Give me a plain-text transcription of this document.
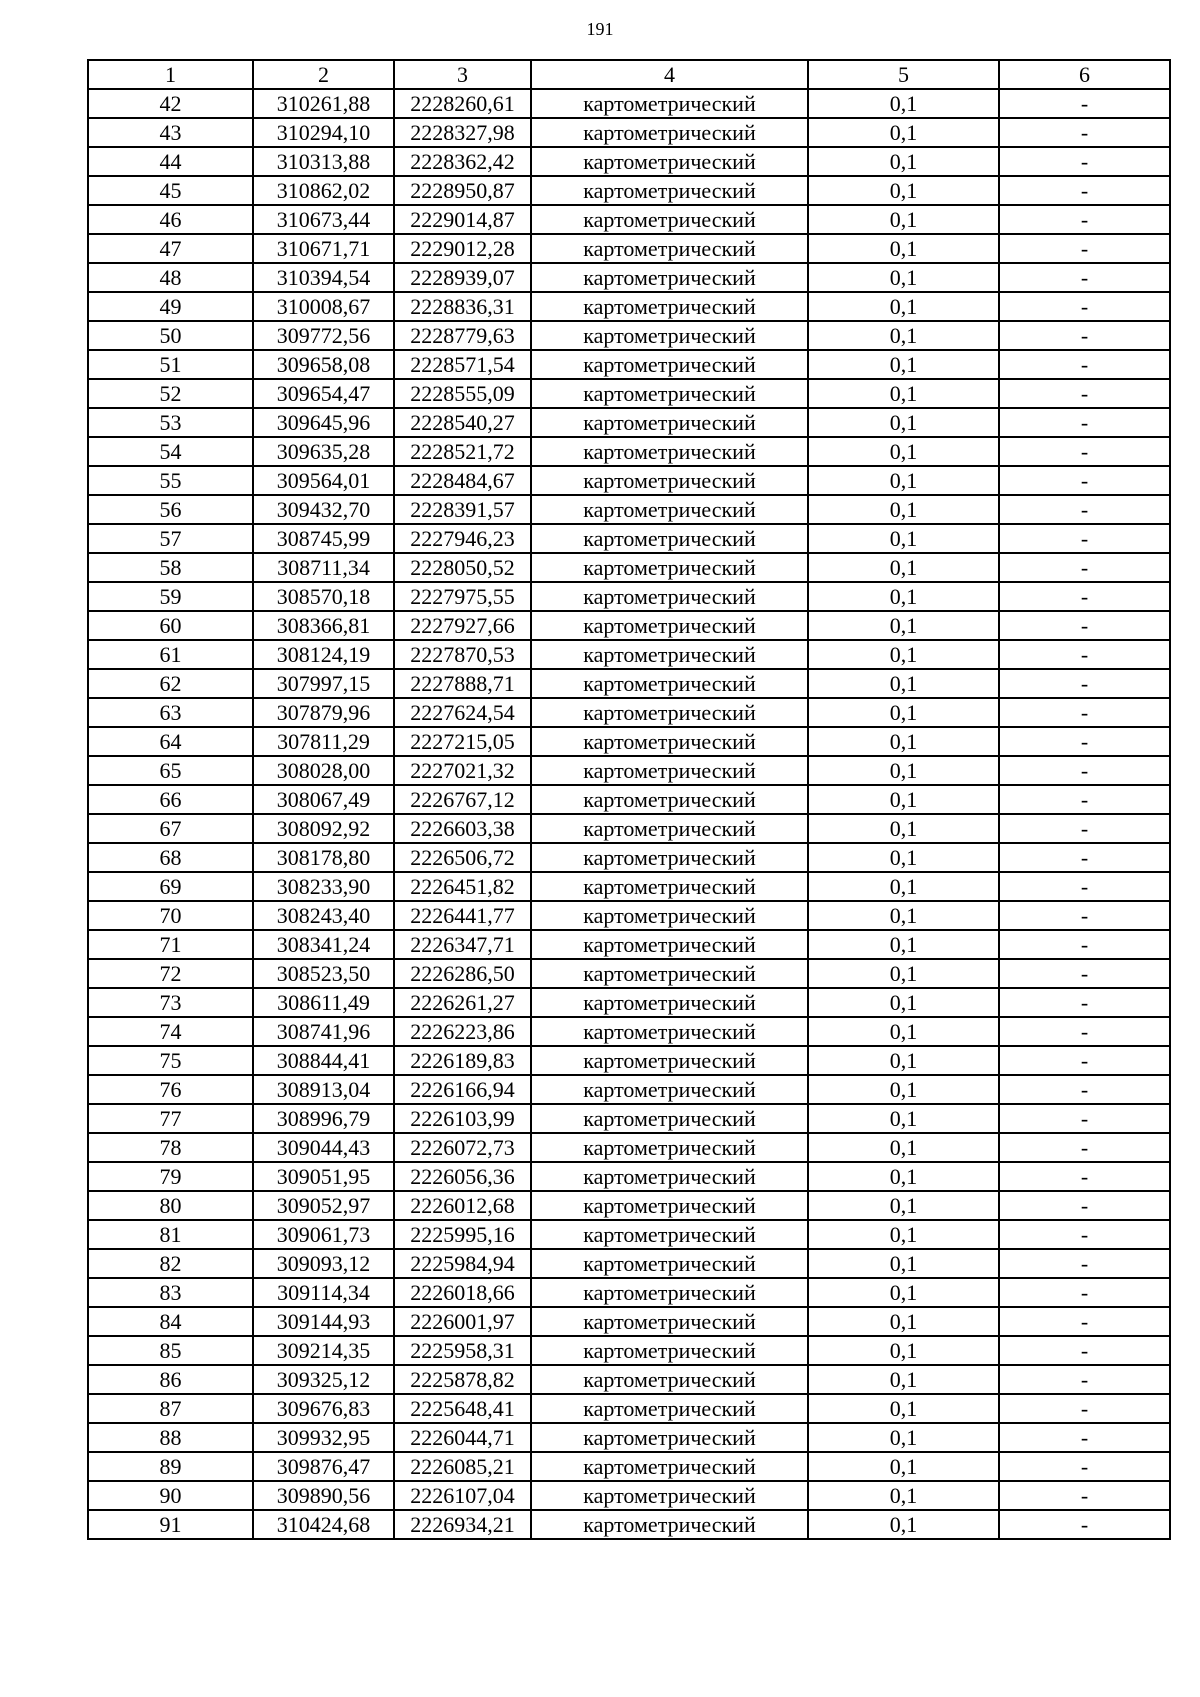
191
1	2	3	4	5	6
42	310261,88	2228260,61	картометрический	0,1	-
43	310294,10	2228327,98	картометрический	0,1	-
44	310313,88	2228362,42	картометрический	0,1	-
45	310862,02	2228950,87	картометрический	0,1	-
46	310673,44	2229014,87	картометрический	0,1	-
47	310671,71	2229012,28	картометрический	0,1	-
48	310394,54	2228939,07	картометрический	0,1	-
49	310008,67	2228836,31	картометрический	0,1	-
50	309772,56	2228779,63	картометрический	0,1	-
51	309658,08	2228571,54	картометрический	0,1	-
52	309654,47	2228555,09	картометрический	0,1	-
53	309645,96	2228540,27	картометрический	0,1	-
54	309635,28	2228521,72	картометрический	0,1	-
55	309564,01	2228484,67	картометрический	0,1	-
56	309432,70	2228391,57	картометрический	0,1	-
57	308745,99	2227946,23	картометрический	0,1	-
58	308711,34	2228050,52	картометрический	0,1	-
59	308570,18	2227975,55	картометрический	0,1	-
60	308366,81	2227927,66	картометрический	0,1	-
61	308124,19	2227870,53	картометрический	0,1	-
62	307997,15	2227888,71	картометрический	0,1	-
63	307879,96	2227624,54	картометрический	0,1	-
64	307811,29	2227215,05	картометрический	0,1	-
65	308028,00	2227021,32	картометрический	0,1	-
66	308067,49	2226767,12	картометрический	0,1	-
67	308092,92	2226603,38	картометрический	0,1	-
68	308178,80	2226506,72	картометрический	0,1	-
69	308233,90	2226451,82	картометрический	0,1	-
70	308243,40	2226441,77	картометрический	0,1	-
71	308341,24	2226347,71	картометрический	0,1	-
72	308523,50	2226286,50	картометрический	0,1	-
73	308611,49	2226261,27	картометрический	0,1	-
74	308741,96	2226223,86	картометрический	0,1	-
75	308844,41	2226189,83	картометрический	0,1	-
76	308913,04	2226166,94	картометрический	0,1	-
77	308996,79	2226103,99	картометрический	0,1	-
78	309044,43	2226072,73	картометрический	0,1	-
79	309051,95	2226056,36	картометрический	0,1	-
80	309052,97	2226012,68	картометрический	0,1	-
81	309061,73	2225995,16	картометрический	0,1	-
82	309093,12	2225984,94	картометрический	0,1	-
83	309114,34	2226018,66	картометрический	0,1	-
84	309144,93	2226001,97	картометрический	0,1	-
85	309214,35	2225958,31	картометрический	0,1	-
86	309325,12	2225878,82	картометрический	0,1	-
87	309676,83	2225648,41	картометрический	0,1	-
88	309932,95	2226044,71	картометрический	0,1	-
89	309876,47	2226085,21	картометрический	0,1	-
90	309890,56	2226107,04	картометрический	0,1	-
91	310424,68	2226934,21	картометрический	0,1	-
